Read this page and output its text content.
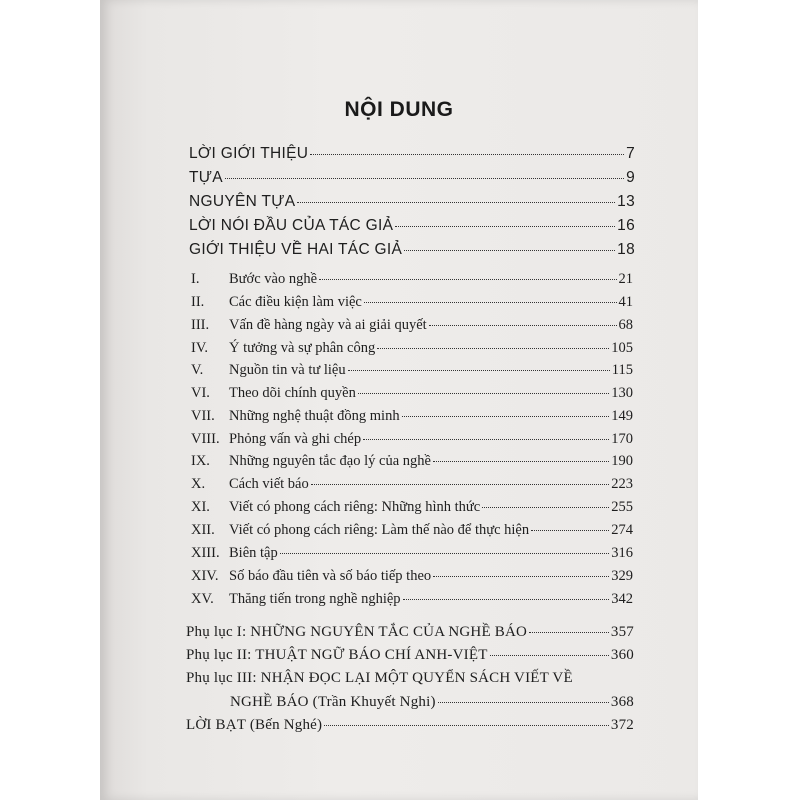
NỘI DUNG
LỜI GIỚI THIỆU	7
TỰA	9
NGUYÊN TỰA	13
LỜI NÓI ĐẦU CỦA TÁC GIẢ	16
GIỚI THIỆU VỀ HAI TÁC GIẢ	18
I.	Bước vào nghề	21
II.	Các điều kiện làm việc	41
III.	Vấn đề hàng ngày và ai giải quyết	68
IV.	Ý tưởng và sự phân công	105
V.	Nguồn tin và tư liệu	115
VI.	Theo dõi chính quyền	130
VII. Những nghệ thuật đồng minh	149
VIII. Phỏng vấn và ghi chép	170
IX.	Những nguyên tắc đạo lý của nghề	190
X.	Cách viết báo	223
XI.	Viết có phong cách riêng: Những hình thức	255
XII. Viết có phong cách riêng: Làm thế nào để thực hiện	274
XIII. Biên tập	316
XIV. Số báo đầu tiên và số báo tiếp theo	329
XV.	Thăng tiến trong nghề nghiệp	342
Phụ lục I: NHỮNG NGUYÊN TẮC CỦA NGHỀ BÁO	357
Phụ lục II: THUẬT NGỮ BÁO CHÍ ANH-VIỆT	360
Phụ lục III: NHẬN ĐỌC LẠI MỘT QUYỂN SÁCH VIẾT VỀ
NGHỀ BÁO (Trần Khuyết Nghi)	368
LỜI BẠT (Bến Nghé)	372
